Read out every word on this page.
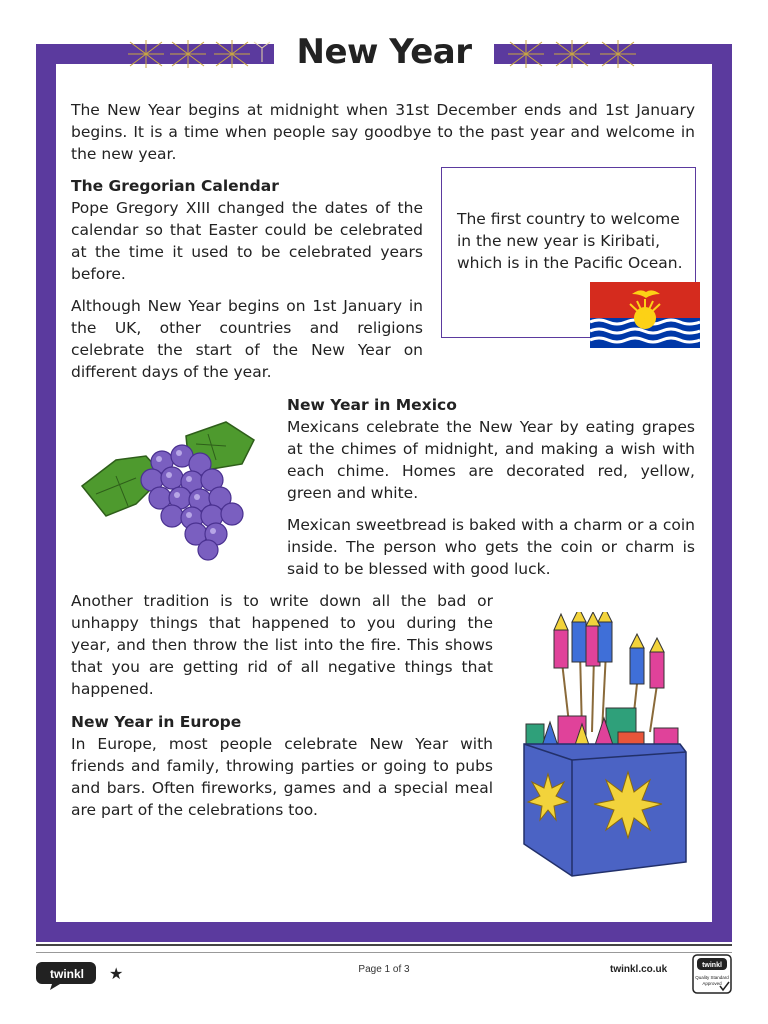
New Year

The New Year begins at midnight when 31st December ends and 1st January begins. It is a time when people say goodbye to the past year and welcome in the new year.

The Gregorian Calendar

Pope Gregory XIII changed the dates of the calendar so that Easter could be celebrated at the time it used to be celebrated years before.

Although New Year begins on 1st January in the UK, other countries and religions celebrate the start of the New Year on different days of the year.

The first country to welcome in the new year is Kiribati, which is in the Pacific Ocean.

New Year in Mexico

Mexicans celebrate the New Year by eating grapes at the chimes of midnight, and making a wish with each chime. Homes are decorated red, yellow, green and white.

Mexican sweetbread is baked with a charm or a coin inside. The person who gets the coin or charm is said to be blessed with good luck.

Another tradition is to write down all the bad or unhappy things that happened to you during the year, and then throw the list into the fire. This shows that you are getting rid of all negative things that happened.

New Year in Europe

In Europe, most people celebrate New Year with friends and family, throwing parties or going to pubs and bars. Often fireworks, games and a special meal are part of the celebrations too.

twinkl ★	Page 1 of 3	twinkl.co.uk	twinkl
Quality Standard
Approved
